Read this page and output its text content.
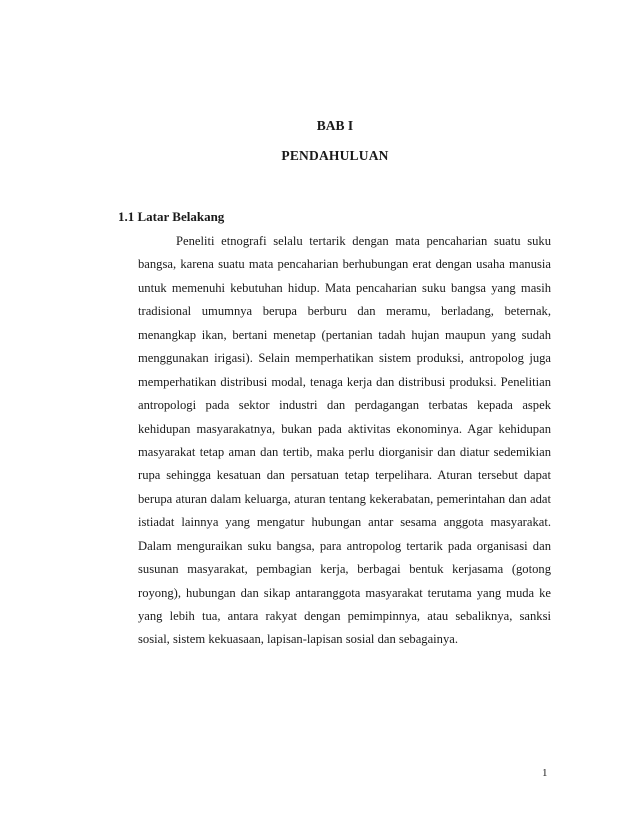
BAB I
PENDAHULUAN
1.1 Latar Belakang
Peneliti etnografi selalu tertarik dengan mata pencaharian suatu suku
bangsa, karena suatu mata pencaharian berhubungan erat dengan usaha manusia
untuk memenuhi kebutuhan hidup. Mata pencaharian suku bangsa yang masih
tradisional umumnya berupa berburu dan meramu, berladang, beternak,
menangkap ikan, bertani menetap (pertanian tadah hujan maupun yang sudah
menggunakan irigasi). Selain memperhatikan sistem produksi, antropolog juga
memperhatikan distribusi modal, tenaga kerja dan distribusi produksi. Penelitian
antropologi pada sektor industri dan perdagangan terbatas kepada aspek
kehidupan masyarakatnya, bukan pada aktivitas ekonominya. Agar kehidupan
masyarakat tetap aman dan tertib, maka perlu diorganisir dan diatur sedemikian
rupa sehingga kesatuan dan persatuan tetap terpelihara. Aturan tersebut dapat
berupa aturan dalam keluarga, aturan tentang kekerabatan, pemerintahan dan adat
istiadat lainnya yang mengatur hubungan antar sesama anggota masyarakat.
Dalam menguraikan suku bangsa, para antropolog tertarik pada organisasi dan
susunan masyarakat, pembagian kerja, berbagai bentuk kerjasama (gotong
royong), hubungan dan sikap antaranggota masyarakat terutama yang muda ke
yang lebih tua, antara rakyat dengan pemimpinnya, atau sebaliknya, sanksi
sosial, sistem kekuasaan, lapisan-lapisan sosial dan sebagainya.
1
